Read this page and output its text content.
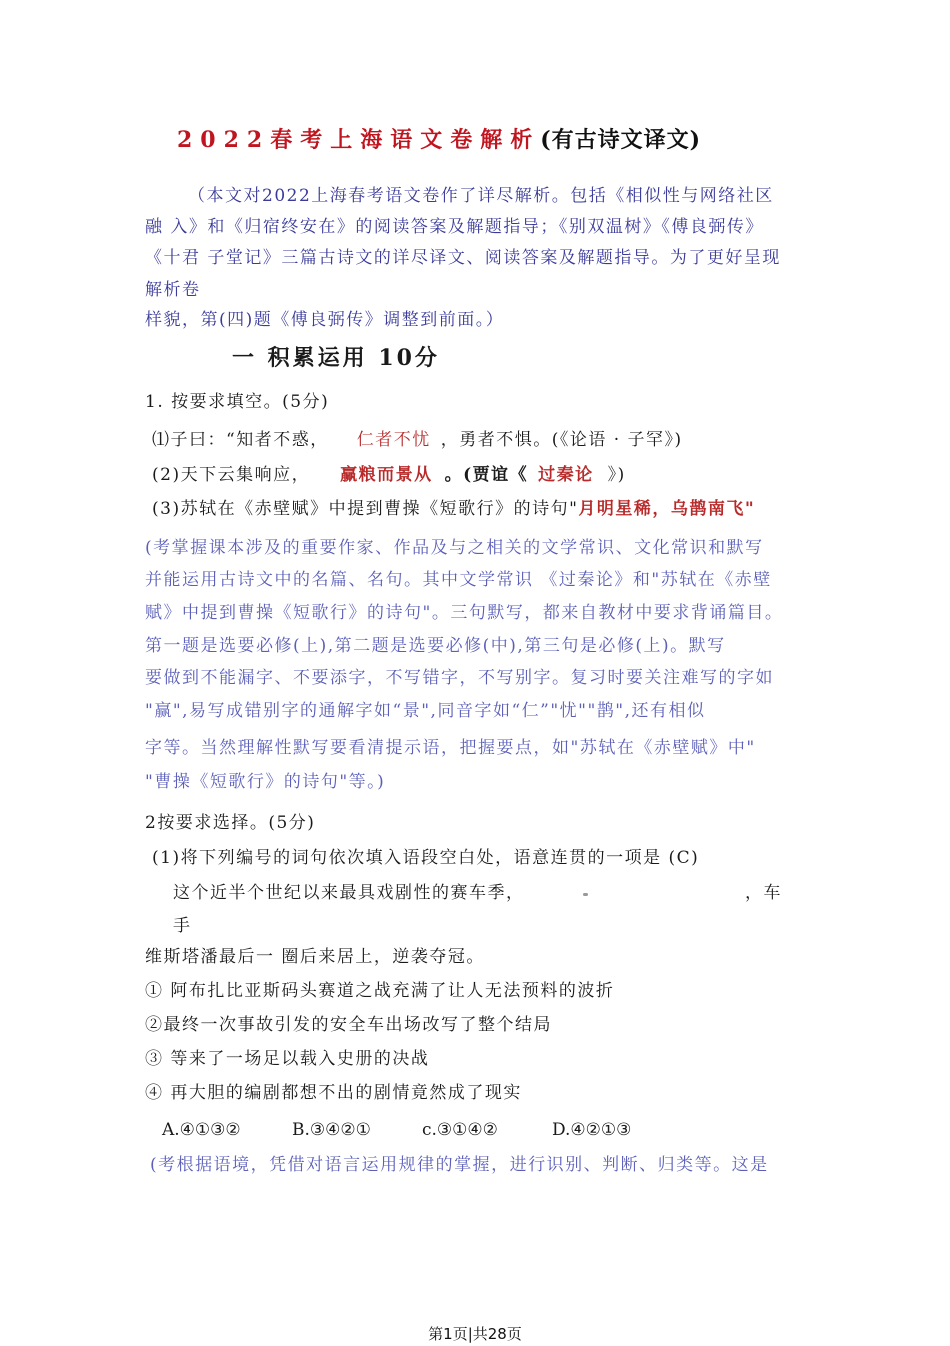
2022春考上海语文卷解析(有古诗文译文)
（本文对2022上海春考语文卷作了详尽解析。包括《相似性与网络社区
融 入》和《归宿终安在》的阅读答案及解题指导；《别双温树》《傅良弼传》
《十君 子堂记》三篇古诗文的详尽译文、阅读答案及解题指导。为了更好呈现
解析卷
样貌，第(四)题《傅良弼传》调整到前面。）
一 积累运用 10分
1. 按要求填空。(5分)
⑴子曰：“知者不惑， 仁者不忧 ，勇者不惧。(《论语 · 子罕》)
(2)天下云集响应， 赢粮而景从 。(贾谊《 过秦论 》)
(3)苏轼在《赤壁赋》中提到曹操《短歌行》的诗句"月明星稀，乌鹊南飞"
(考掌握课本涉及的重要作家、作品及与之相关的文学常识、文化常识和默写
并能运用古诗文中的名篇、名句。其中文学常识 《过秦论》和"苏轼在《赤壁
赋》中提到曹操《短歌行》的诗句"。三句默写，都来自教材中要求背诵篇目。
第一题是选要必修(上),第二题是选要必修(中),第三句是必修(上)。默写
要做到不能漏字、不要添字，不写错字，不写别字。复习时要关注难写的字如
"赢",易写成错别字的通解字如“景",同音字如“仁”"忧""鹊",还有相似
字等。当然理解性默写要看清提示语，把握要点，如"苏轼在《赤壁赋》中"
"曹操《短歌行》的诗句"等。)
2按要求选择。(5分)
(1)将下列编号的词句依次填入语段空白处，语意连贯的一项是 (C)
这个近半个世纪以来最具戏剧性的赛车季，	，车
手
维斯塔潘最后一 圈后来居上，逆袭夺冠。
① 阿布扎比亚斯码头赛道之战充满了让人无法预料的波折
②最终一次事故引发的安全车出场改写了整个结局
③ 等来了一场足以载入史册的决战
④ 再大胆的编剧都想不出的剧情竟然成了现实
A.④①③②	B.③④②①	c.③①④②	D.④②①③
(考根据语境，凭借对语言运用规律的掌握，进行识别、判断、归类等。这是
第1页|共28页
